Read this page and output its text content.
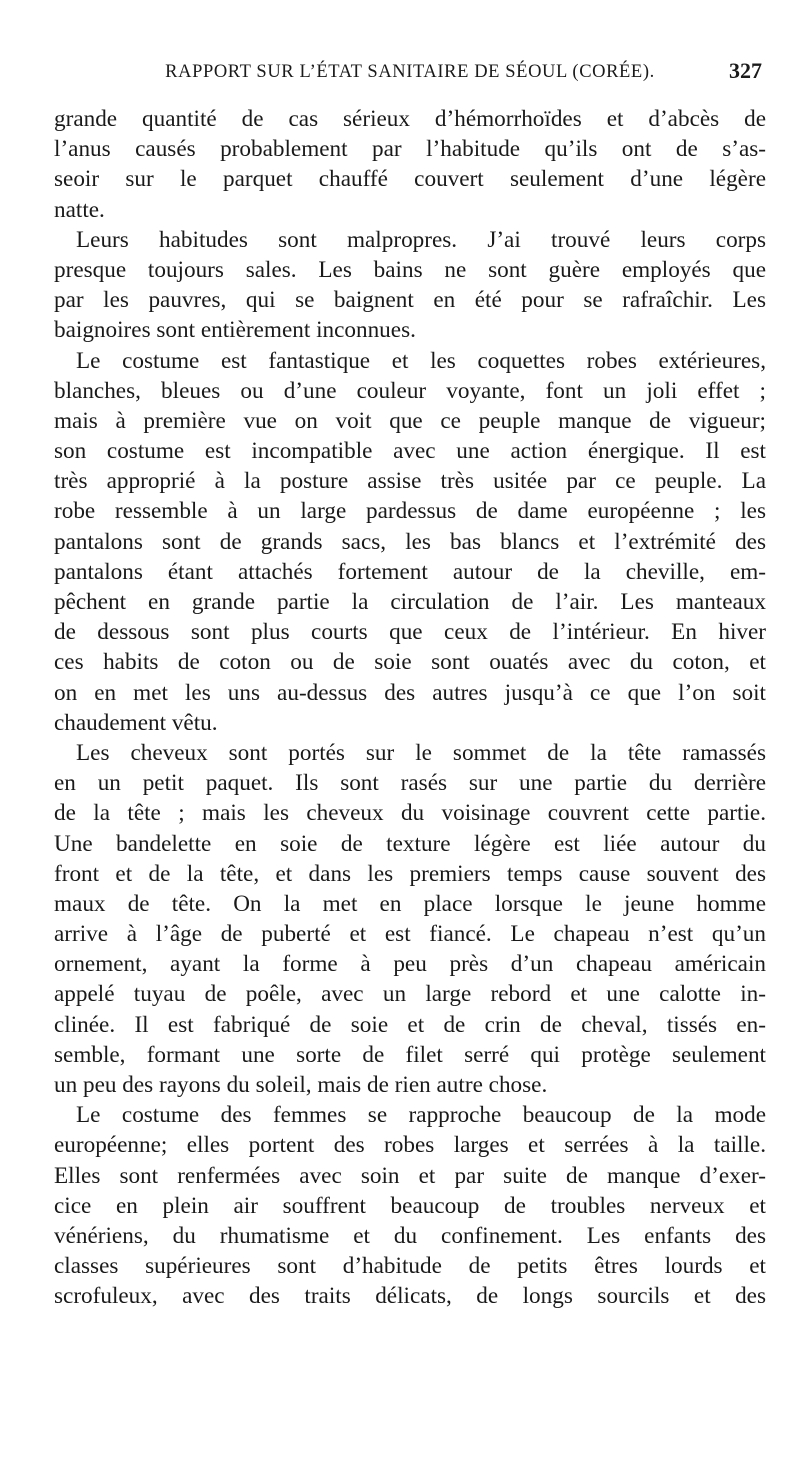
RAPPORT SUR L’ÉTAT SANITAIRE DE SÉOUL (CORÉE).	327
grande quantité de cas sérieux d’hémorrhoïdes et d’abcès de
l’anus causés probablement par l’habitude qu’ils ont de s’as-
seoir sur le parquet chauffé couvert seulement d’une légère
natte.
Leurs habitudes sont malpropres. J’ai trouvé leurs corps
presque toujours sales. Les bains ne sont guère employés que
par les pauvres, qui se baignent en été pour se rafraîchir. Les
baignoires sont entièrement inconnues.
Le costume est fantastique et les coquettes robes extérieures,
blanches, bleues ou d’une couleur voyante, font un joli effet ;
mais à première vue on voit que ce peuple manque de vigueur;
son costume est incompatible avec une action énergique. Il est
très approprié à la posture assise très usitée par ce peuple. La
robe ressemble à un large pardessus de dame européenne ; les
pantalons sont de grands sacs, les bas blancs et l’extrémité des
pantalons étant attachés fortement autour de la cheville, em-
pêchent en grande partie la circulation de l’air. Les manteaux
de dessous sont plus courts que ceux de l’intérieur. En hiver
ces habits de coton ou de soie sont ouatés avec du coton, et
on en met les uns au-dessus des autres jusqu’à ce que l’on soit
chaudement vêtu.
Les cheveux sont portés sur le sommet de la tête ramassés
en un petit paquet. Ils sont rasés sur une partie du derrière
de la tête ; mais les cheveux du voisinage couvrent cette partie.
Une bandelette en soie de texture légère est liée autour du
front et de la tête, et dans les premiers temps cause souvent des
maux de tête. On la met en place lorsque le jeune homme
arrive à l’âge de puberté et est fiancé. Le chapeau n’est qu’un
ornement, ayant la forme à peu près d’un chapeau américain
appelé tuyau de poêle, avec un large rebord et une calotte in-
clinée. Il est fabriqué de soie et de crin de cheval, tissés en-
semble, formant une sorte de filet serré qui protège seulement
un peu des rayons du soleil, mais de rien autre chose.
Le costume des femmes se rapproche beaucoup de la mode
européenne; elles portent des robes larges et serrées à la taille.
Elles sont renfermées avec soin et par suite de manque d’exer-
cice en plein air souffrent beaucoup de troubles nerveux et
vénériens, du rhumatisme et du confinement. Les enfants des
classes supérieures sont d’habitude de petits êtres lourds et
scrofuleux, avec des traits délicats, de longs sourcils et des
